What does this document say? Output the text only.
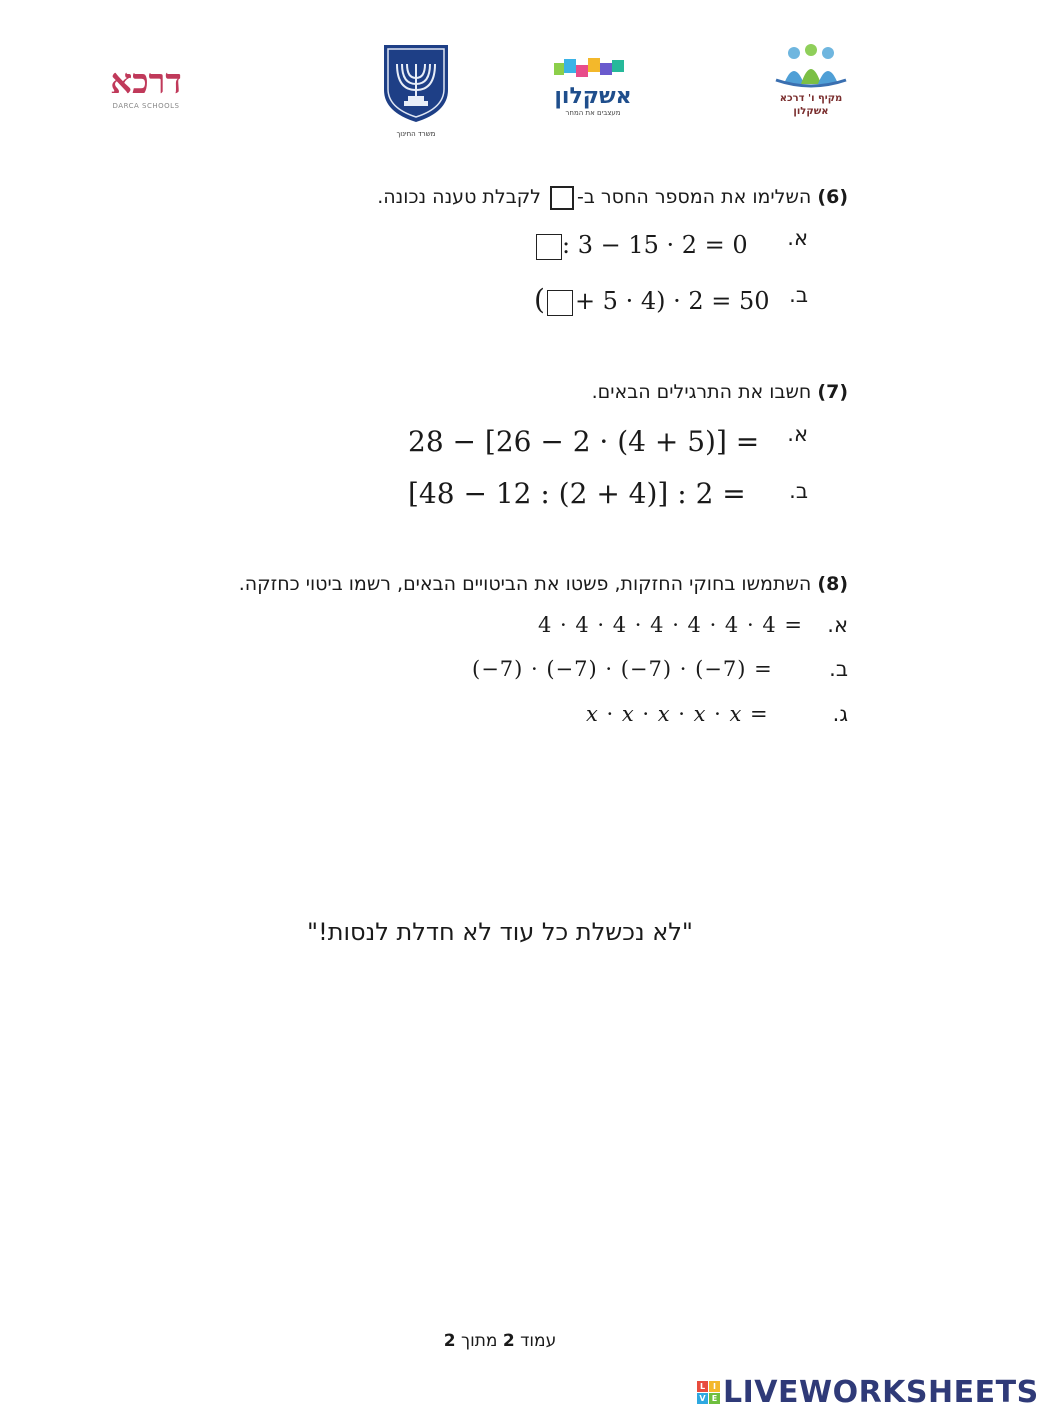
דרכא
DARCA SCHOOLS
משרד החינוך
אשקלון
מעצבים את המחר
מקיף ו' דרכא
אשקלון
(6) השלימו את המספר החסר ב- לקבלת טענה נכונה.
א.
: 3 − 15 · 2 = 0
ב.
( + 5 · 4) · 2 = 50
(7) חשבו את התרגילים הבאים.
א.
28 − [26 − 2 · (4 + 5)] =
ב.
[48 − 12 : (2 + 4)] : 2 =
(8) השתמשו בחוקי החזקות, פשטו את הביטויים הבאים, רשמו ביטוי כחזקה.
א.
4 · 4 · 4 · 4 · 4 · 4 · 4 =
ב.
(−7) · (−7) · (−7) · (−7) =
ג.
𝑥 · 𝑥 · 𝑥 · 𝑥 · 𝑥 =
"לא נכשלת כל עוד לא חדלת לנסות!"
עמוד 2 מתוך 2
L I
V E LIVEWORKSHEETS
